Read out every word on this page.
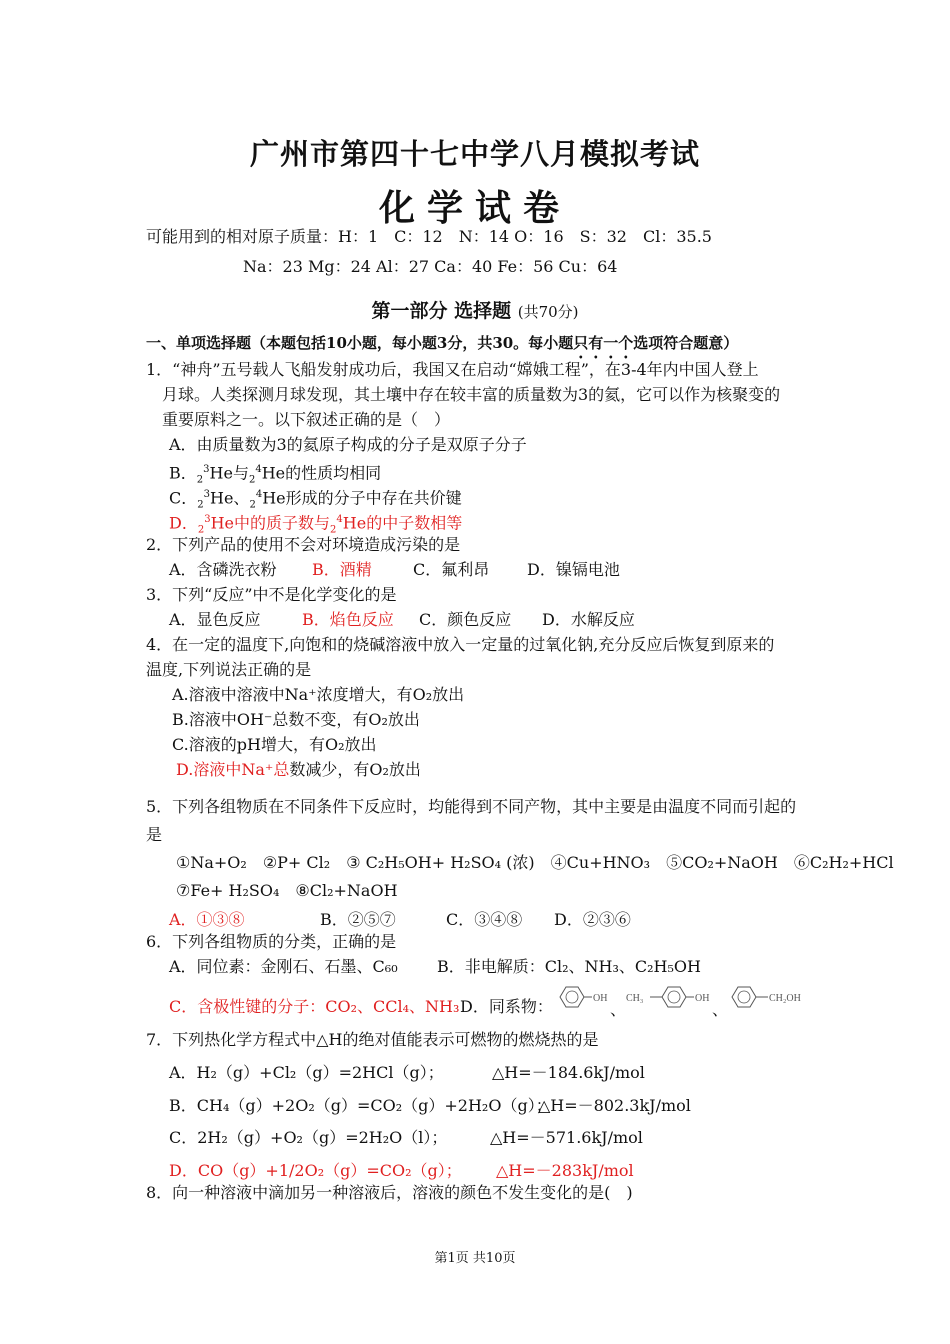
广州市第四十七中学八月模拟考试
化学试卷
可能用到的相对原子质量：H：1　C：12　N：14 O：16　S：32　Cl：35.5
Na：23 Mg：24 Al：27 Ca：40 Fe：56 Cu：64
第一部分 选择题 (共70分)
一、单项选择题（本题包括10小题，每小题3分，共30。每小题只有一个选项符合题意）
1．“神舟”五号载人飞船发射成功后，我国又在启动“嫦娥工程”，在3-4年内中国人登上
月球。人类探测月球发现，其土壤中存在较丰富的质量数为3的氦，它可以作为核聚变的
重要原料之一。以下叙述正确的是（　）
A．由质量数为3的氦原子构成的分子是双原子分子
B．$_2^3$He与$_2^4$He的性质均相同
C．$_2^3$He、$_2^4$He形成的分子中存在共价键
D．$_2^3$He中的质子数与$_2^4$He的中子数相等
2．下列产品的使用不会对环境造成污染的是
A．含磷洗衣粉 B．酒精	C．氟利昂 D．镍镉电池
3．下列“反应”中不是化学变化的是
A．显色反应	B．焰色反应 C．颜色反应 D．水解反应
4．在一定的温度下,向饱和的烧碱溶液中放入一定量的过氧化钠,充分反应后恢复到原来的
温度,下列说法正确的是
A.溶液中溶液中Na⁺浓度增大，有O₂放出
B.溶液中OH⁻总数不变，有O₂放出
C.溶液的pH增大，有O₂放出
D.溶液中Na⁺总数减少，有O₂放出
5．下列各组物质在不同条件下反应时，均能得到不同产物，其中主要是由温度不同而引起的
是
①Na+O₂　②P+ Cl₂　③ C₂H₅OH+ H₂SO₄ (浓)　④Cu+HNO₃　⑤CO₂+NaOH　⑥C₂H₂+HCl
⑦Fe+ H₂SO₄　⑧Cl₂+NaOH
A．①③⑧	B．②⑤⑦	C．③④⑧ D．②③⑥
6．下列各组物质的分类，正确的是
A．同位素：金刚石、石墨、C₆₀ B．非电解质：Cl₂、NH₃、C₂H₅OH
C．含极性键的分子：CO₂、CCl₄、NH₃ D．同系物：	OH
、
CH₃	OH
、
CH₂OH
7．下列热化学方程式中△H的绝对值能表示可燃物的燃烧热的是
A．H₂（g）+Cl₂（g）=2HCl（g）；	△H=－184.6kJ/mol
B．CH₄（g）+2O₂（g）=CO₂（g）+2H₂O（g）；
△H=－802.3kJ/mol
C．2H₂（g）+O₂（g）=2H₂O（l）；	△H=－571.6kJ/mol
D．CO（g）+1/2O₂（g）=CO₂（g）； △H=－283kJ/mol
8．向一种溶液中滴加另一种溶液后，溶液的颜色不发生变化的是(　)
第1页 共10页
